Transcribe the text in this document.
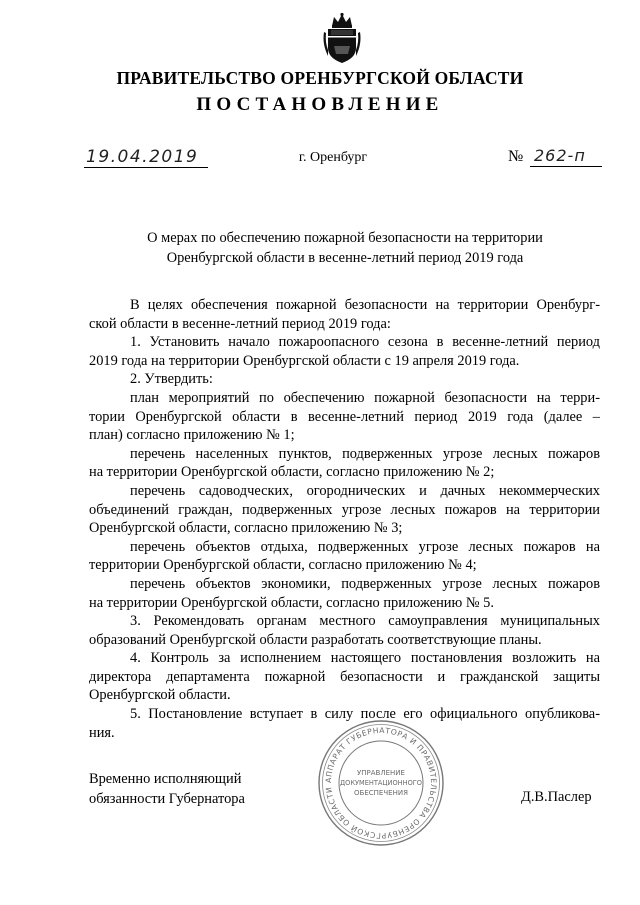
ПРАВИТЕЛЬСТВО ОРЕНБУРГСКОЙ ОБЛАСТИ
ПОСТАНОВЛЕНИЕ
19.04.2019	г. Оренбург	№ 262-п
О мерах по обеспечению пожарной безопасности на территории
Оренбургской области в весенне-летний период 2019 года
В целях обеспечения пожарной безопасности на территории Оренбург-
ской области в весенне-летний период 2019 года:
1. Установить начало пожароопасного сезона в весенне-летний период
2019 года на территории Оренбургской области с 19 апреля 2019 года.
2. Утвердить:
план мероприятий по обеспечению пожарной безопасности на терри-
тории Оренбургской области в весенне-летний период 2019 года (далее –
план) согласно приложению № 1;
перечень населенных пунктов, подверженных угрозе лесных пожаров
на территории Оренбургской области, согласно приложению № 2;
перечень садоводческих, огороднических и дачных некоммерческих
объединений граждан, подверженных угрозе лесных пожаров на территории
Оренбургской области, согласно приложению № 3;
перечень объектов отдыха, подверженных угрозе лесных пожаров на
территории Оренбургской области, согласно приложению № 4;
перечень объектов экономики, подверженных угрозе лесных пожаров
на территории Оренбургской области, согласно приложению № 5.
3. Рекомендовать органам местного самоуправления муниципальных
образований Оренбургской области разработать соответствующие планы.
4. Контроль за исполнением настоящего постановления возложить на
директора департамента пожарной безопасности и гражданской защиты
Оренбургской области.
5. Постановление вступает в силу после его официального опубликова-
ния.
Временно исполняющий
обязанности Губернатора
АППАРАТ ГУБЕРНАТОРА И ПРАВИТЕЛЬСТВА ОРЕНБУРГСКОЙ ОБЛАСТИ
УПРАВЛЕНИЕ
ДОКУМЕНТАЦИОННОГО
ОБЕСПЕЧЕНИЯ	Д.В.Паслер
